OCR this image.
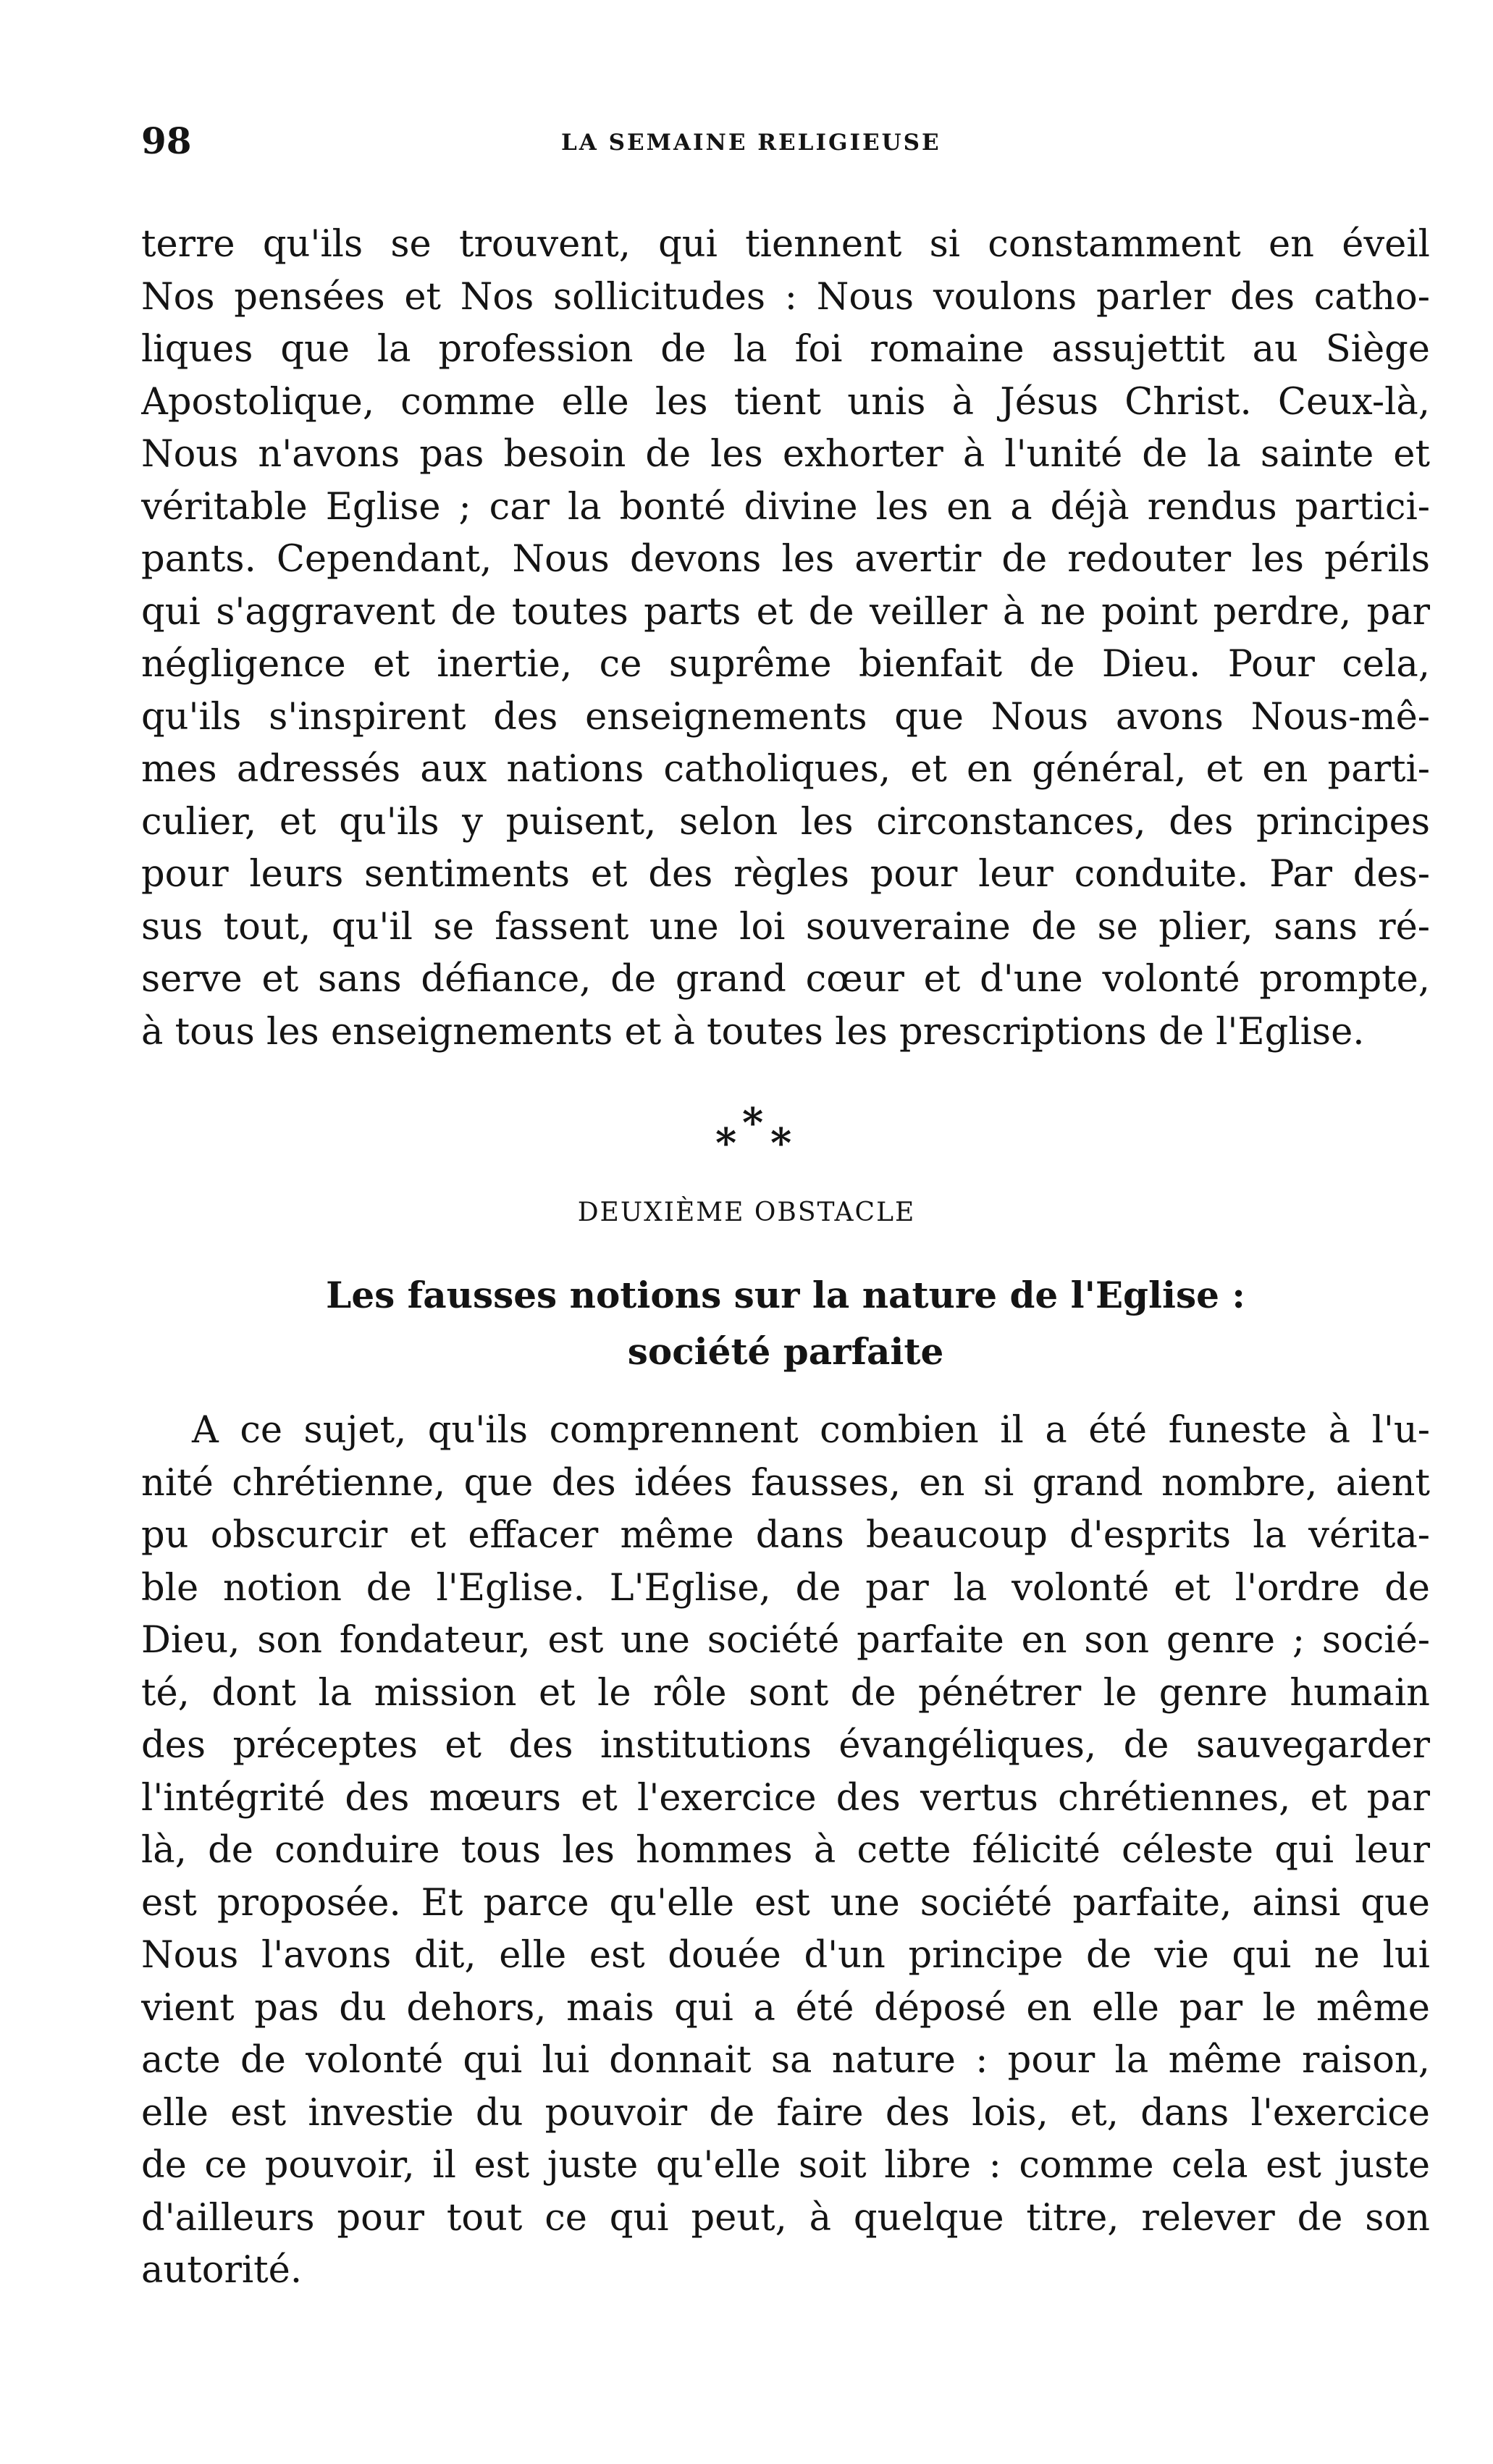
98	LA SEMAINE RELIGIEUSE
terre qu'ils se trouvent, qui tiennent si constamment en éveil
Nos pensées et Nos sollicitudes : Nous voulons parler des catho-
liques que la profession de la foi romaine assujettit au Siège
Apostolique, comme elle les tient unis à Jésus Christ. Ceux-là,
Nous n'avons pas besoin de les exhorter à l'unité de la sainte et
véritable Eglise ; car la bonté divine les en a déjà rendus partici-
pants. Cependant, Nous devons les avertir de redouter les périls
qui s'aggravent de toutes parts et de veiller à ne point perdre, par
négligence et inertie, ce suprême bienfait de Dieu. Pour cela,
qu'ils s'inspirent des enseignements que Nous avons Nous-mê-
mes adressés aux nations catholiques, et en général, et en parti-
culier, et qu'ils y puisent, selon les circonstances, des principes
pour leurs sentiments et des règles pour leur conduite. Par des-
sus tout, qu'il se fassent une loi souveraine de se plier, sans ré-
serve et sans défiance, de grand cœur et d'une volonté prompte,
à tous les enseignements et à toutes les prescriptions de l'Eglise.
*
* *
DEUXIÈME OBSTACLE
Les fausses notions sur la nature de l'Eglise :
société parfaite
A ce sujet, qu'ils comprennent combien il a été funeste à l'u-
nité chrétienne, que des idées fausses, en si grand nombre, aient
pu obscurcir et effacer même dans beaucoup d'esprits la vérita-
ble notion de l'Eglise. L'Eglise, de par la volonté et l'ordre de
Dieu, son fondateur, est une société parfaite en son genre ; socié-
té, dont la mission et le rôle sont de pénétrer le genre humain
des préceptes et des institutions évangéliques, de sauvegarder
l'intégrité des mœurs et l'exercice des vertus chrétiennes, et par
là, de conduire tous les hommes à cette félicité céleste qui leur
est proposée. Et parce qu'elle est une société parfaite, ainsi que
Nous l'avons dit, elle est douée d'un principe de vie qui ne lui
vient pas du dehors, mais qui a été déposé en elle par le même
acte de volonté qui lui donnait sa nature : pour la même raison,
elle est investie du pouvoir de faire des lois, et, dans l'exercice
de ce pouvoir, il est juste qu'elle soit libre : comme cela est juste
d'ailleurs pour tout ce qui peut, à quelque titre, relever de son
autorité.
